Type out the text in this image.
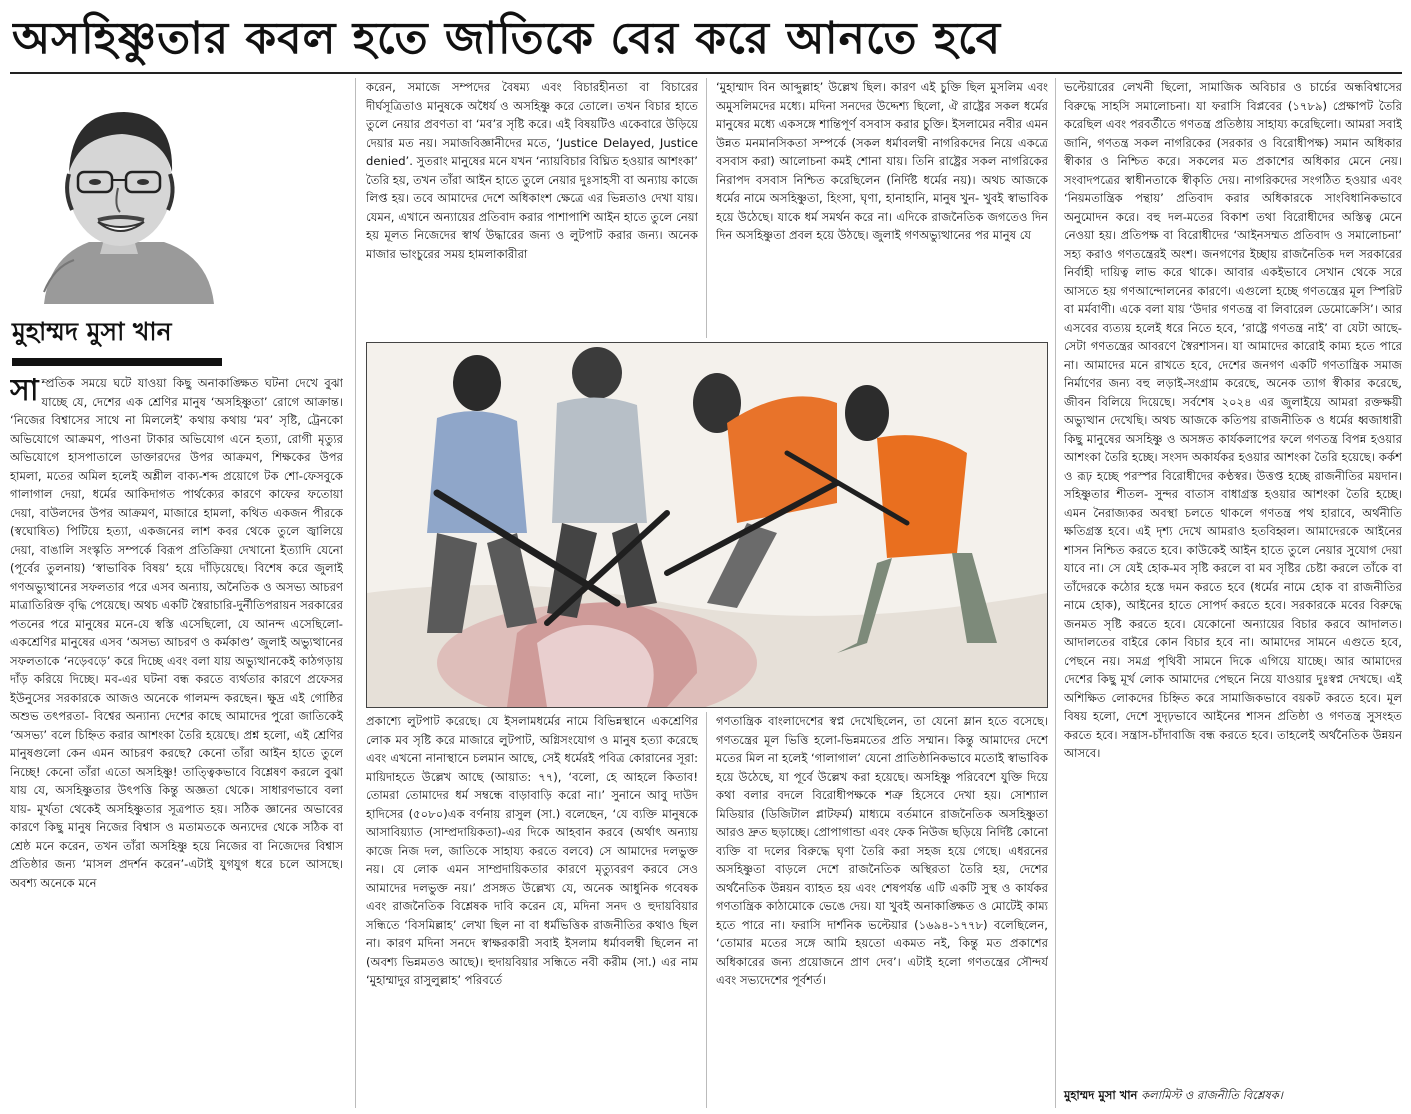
অসহিষ্ণুতার কবল হতে জাতিকে বের করে আনতে হবে
মুহাম্মদ মুসা খান
সাম্প্রতিক সময়ে ঘটে যাওয়া কিছু অনাকাঙ্ক্ষিত ঘটনা দেখে বুঝা যাচ্ছে যে, দেশের এক শ্রেণির মানুষ ‘অসহিষ্ণুতা’ রোগে আক্রান্ত। ‘নিজের বিশ্বাসের সাথে না মিললেই’ কথায় কথায় ‘মব’ সৃষ্টি, ট্রেনকো অভিযোগে আক্রমণ, পাওনা টাকার অভিযোগ এনে হত্যা, রোগী মৃত্যুর অভিযোগে হাসপাতালে ডাক্তারদের উপর আক্রমণ, শিক্ষকের উপর হামলা, মতের অমিল হলেই অশ্লীল বাক্য-শব্দ প্রয়োগে টক শো-ফেসবুকে গালাগাল দেয়া, ধর্মের আকিদাগত পার্থক্যের কারণে কাফের ফতোয়া দেয়া, বাউলদের উপর আক্রমণ, মাজারে হামলা, কথিত একজন পীরকে (স্বঘোষিত) পিটিয়ে হত্যা, একজনের লাশ কবর থেকে তুলে জ্বালিয়ে দেয়া, বাঙালি সংস্কৃতি সম্পর্কে বিরূপ প্রতিক্রিয়া দেখানো ইত্যাদি যেনো (পূর্বের তুলনায়) ‘স্বাভাবিক বিষয়’ হয়ে দাঁড়িয়েছে। বিশেষ করে জুলাই গণঅভ্যুত্থানের সফলতার পরে এসব অন্যায়, অনৈতিক ও অসভ্য আচরণ মাত্রাতিরিক্ত বৃদ্ধি পেয়েছে। অথচ একটি স্বৈরাচারি-দুর্নীতিপরায়ন সরকারের পতনের পরে মানুষের মনে-যে স্বস্তি এসেছিলো, যে আনন্দ এসেছিলো- একশ্রেণির মানুষের এসব ‘অসভ্য আচরণ ও কর্মকাণ্ড’ জুলাই অভ্যুত্থানের সফলতাকে ‘নড়েবড়ে’ করে দিচ্ছে এবং বলা যায় অভ্যুত্থানকেই কাঠগড়ায় দাঁড় করিয়ে দিচ্ছে। মব-এর ঘটনা বন্ধ করতে ব্যর্থতার কারণে প্রফেসর ইউনুসের সরকারকে আজও অনেকে গালমন্দ করছেন। ক্ষুদ্র এই গোষ্ঠির অশুভ তৎপরতা- বিশ্বের অন্যান্য দেশের কাছে আমাদের পুরো জাতিকেই ‘অসভ্য’ বলে চিহ্নিত করার আশংকা তৈরি হয়েছে। প্রশ্ন হলো, এই শ্রেণির মানুষগুলো কেন এমন আচরণ করছে? কেনো তাঁরা আইন হাতে তুলে নিচ্ছে! কেনো তাঁরা এতো অসহিষ্ণু! তাত্ত্বিকভাবে বিশ্লেষণ করলে বুঝা যায় যে, অসহিষ্ণুতার উৎপত্তি কিন্তু অজ্ঞতা থেকে। সাধারণভাবে বলা যায়- মূর্খতা থেকেই অসহিষ্ণুতার সূত্রপাত হয়। সঠিক জ্ঞানের অভাবের কারণে কিছু মানুষ নিজের বিশ্বাস ও মতামতকে অন্যদের থেকে সঠিক বা শ্রেষ্ঠ মনে করেন, তখন তাঁরা অসহিষ্ণু হয়ে নিজের বা নিজেদের বিশ্বাস প্রতিষ্ঠার জন্য ‘মাসল প্রদর্শন করেন’-এটাই যুগযুগ ধরে চলে আসছে। অবশ্য অনেকে মনে

করেন, সমাজে সম্পদের বৈষম্য এবং বিচারহীনতা বা বিচারের দীর্ঘসূত্রিতাও মানুষকে অধৈর্য ও অসহিষ্ণু করে তোলে। তখন বিচার হাতে তুলে নেয়ার প্রবণতা বা ‘মব’র সৃষ্টি করে। এই বিষয়টিও একেবারে উড়িয়ে দেয়ার মত নয়। সমাজবিজ্ঞানীদের মতে, ‘Justice Delayed, Justice denied’. সুতরাং মানুষের মনে যখন ‘ন্যায়বিচার বিঘ্নিত হওয়ার আশংকা’ তৈরি হয়, তখন তাঁরা আইন হাতে তুলে নেয়ার দুঃসাহসী বা অন্যায় কাজে লিপ্ত হয়। তবে আমাদের দেশে অধিকাংশ ক্ষেত্রে এর ভিন্নতাও দেখা যায়। যেমন, এখানে অন্যায়ের প্রতিবাদ করার পাশাপাশি আইন হাতে তুলে নেয়া হয় মূলত নিজেদের স্বার্থ উদ্ধারের জন্য ও লুটপাট করার জন্য। অনেক মাজার ভাংচুরের সময় হামলাকারীরা

‘মুহাম্মাদ বিন আব্দুল্লাহ’ উল্লেখ ছিল। কারণ এই চুক্তি ছিল মুসলিম এবং অমুসলিমদের মধ্যে। মদিনা সনদের উদ্দেশ্য ছিলো, ঐ রাষ্ট্রের সকল ধর্মের মানুষের মধ্যে একসঙ্গে শান্তিপূর্ণ বসবাস করার চুক্তি। ইসলামের নবীর এমন উন্নত মনমানসিকতা সম্পর্কে (সকল ধর্মাবলম্বী নাগরিকদের নিয়ে একত্রে বসবাস করা) আলোচনা কমই শোনা যায়। তিনি রাষ্ট্রের সকল নাগরিকের নিরাপদ বসবাস নিশ্চিত করেছিলেন (নির্দিষ্ট ধর্মের নয়)। অথচ আজকে ধর্মের নামে অসহিষ্ণুতা, হিংসা, ঘৃণা, হানাহানি, মানুষ খুন- খুবই স্বাভাবিক হয়ে উঠেছে। যাকে ধর্ম সমর্থন করে না। এদিকে রাজনৈতিক জগতেও দিন দিন অসহিষ্ণুতা প্রবল হয়ে উঠছে। জুলাই গণঅভ্যুত্থানের পর মানুষ যে

প্রকাশ্যে লুটপাট করেছে। যে ইসলামধর্মের নামে বিভিন্নস্থানে একশ্রেণির লোক মব সৃষ্টি করে মাজারে লুটপাট, অগ্নিসংযোগ ও মানুষ হত্যা করেছে এবং এখনো নানাস্থানে চলমান আছে, সেই ধর্মেরই পবিত্র কোরানের সূরা: মায়িদাহতে উল্লেখ আছে (আয়াত: ৭৭), ‘বলো, হে আহলে কিতাব! তোমরা তোমাদের ধর্ম সম্বন্ধে বাড়াবাড়ি করো না।’ সুনানে আবু দাউদ হাদিসের (৫০৮০)এক বর্ণনায় রাসুল (সা.) বলেছেন, ‘যে ব্যক্তি মানুষকে আসাবিয়্যাত (সাম্প্রদায়িকতা)-এর দিকে আহবান করবে (অর্থাৎ অন্যায় কাজে নিজ দল, জাতিকে সাহায্য করতে বলবে) সে আমাদের দলভুক্ত নয়। যে লোক এমন সাম্প্রদায়িকতার কারণে মৃত্যুবরণ করবে সেও আমাদের দলভুক্ত নয়।’ প্রসঙ্গত উল্লেখ্য যে, অনেক আধুনিক গবেষক এবং রাজনৈতিক বিশ্লেষক দাবি করেন যে, মদিনা সনদ ও হুদায়বিয়ার সন্ধিতে ‘বিসমিল্লাহ’ লেখা ছিল না বা ধর্মভিত্তিক রাজনীতির কথাও ছিল না। কারণ মদিনা সনদে স্বাক্ষরকারী সবাই ইসলাম ধর্মাবলম্বী ছিলেন না (অবশ্য ভিন্নমতও আছে)। হুদায়বিয়ার সন্ধিতে নবী করীম (সা.) এর নাম ‘মুহাম্মাদুর রাসুলুল্লাহ’ পরিবর্তে

গণতান্ত্রিক বাংলাদেশের স্বপ্ন দেখেছিলেন, তা যেনো ম্লান হতে বসেছে। গণতন্ত্রের মূল ভিত্তি হলো-ভিন্নমতের প্রতি সম্মান। কিন্তু আমাদের দেশে মতের মিল না হলেই ‘গালাগাল’ যেনো প্রাতিষ্ঠানিকভাবে মতোই স্বাভাবিক হয়ে উঠেছে, যা পূর্বে উল্লেখ করা হয়েছে। অসহিষ্ণু পরিবেশে যুক্তি দিয়ে কথা বলার বদলে বিরোধীপক্ষকে শত্রু হিসেবে দেখা হয়। সোশ্যাল মিডিয়ার (ডিজিটাল প্লাটফর্ম) মাধ্যমে বর্তমানে রাজনৈতিক অসহিষ্ণুতা আরও দ্রুত ছড়াচ্ছে। প্রোপাগান্ডা এবং ফেক নিউজ ছড়িয়ে নির্দিষ্ট কোনো ব্যক্তি বা দলের বিরুদ্ধে ঘৃণা তৈরি করা সহজ হয়ে গেছে। এধরনের অসহিষ্ণুতা বাড়লে দেশে রাজনৈতিক অস্থিরতা তৈরি হয়, দেশের অর্থনৈতিক উন্নয়ন ব্যাহত হয় এবং শেষপর্যন্ত এটি একটি সুস্থ ও কার্যকর গণতান্ত্রিক কাঠামোকে ভেঙে দেয়। যা খুবই অনাকাঙ্ক্ষিত ও মোটেই কাম্য হতে পারে না। ফরাসি দার্শনিক ভল্টেয়ার (১৬৯৪-১৭৭৮) বলেছিলেন, ‘তোমার মতের সঙ্গে আমি হয়তো একমত নই, কিন্তু মত প্রকাশের অধিকারের জন্য প্রয়োজনে প্রাণ দেব’। এটাই হলো গণতন্ত্রের সৌন্দর্য এবং সভ্যদেশের পূর্বশর্ত।

ভল্টেয়ারের লেখনী ছিলো, সামাজিক অবিচার ও চার্চের অন্ধবিশ্বাসের বিরুদ্ধে সাহসি সমালোচনা। যা ফরাসি বিপ্লবের (১৭৮৯) প্রেক্ষাপট তৈরি করেছিল এবং পরবর্তীতে গণতন্ত্র প্রতিষ্ঠায় সাহায্য করেছিলো। আমরা সবাই জানি, গণতন্ত্র সকল নাগরিকের (সরকার ও বিরোধীপক্ষ) সমান অধিকার স্বীকার ও নিশ্চিত করে। সকলের মত প্রকাশের অধিকার মেনে নেয়। সংবাদপত্রের স্বাধীনতাকে স্বীকৃতি দেয়। নাগরিকদের সংগঠিত হওয়ার এবং ‘নিয়মতান্ত্রিক পন্থায়’ প্রতিবাদ করার অধিকারকে সাংবিধানিকভাবে অনুমোদন করে। বহু দল-মতের বিকাশ তথা বিরোধীদের অস্তিত্ব মেনে নেওয়া হয়। প্রতিপক্ষ বা বিরোধীদের ‘আইনসম্মত প্রতিবাদ ও সমালোচনা’ সহ্য করাও গণতন্ত্রেরই অংশ। জনগণের ইচ্ছায় রাজনৈতিক দল সরকারের নির্বাহী দায়িত্ব লাভ করে থাকে। আবার একইভাবে সেখান থেকে সরে আসতে হয় গণআন্দোলনের কারণে। এগুলো হচ্ছে গণতন্ত্রের মূল স্পিরিট বা মর্মবাণী। একে বলা যায় ‘উদার গণতন্ত্র বা লিবারেল ডেমোক্রেসি’। আর এসবের ব্যত্যয় হলেই ধরে নিতে হবে, ‘রাষ্ট্রে গণতন্ত্র নাই’ বা যেটা আছে- সেটা গণতন্ত্রের আবরণে স্বৈরশাসন। যা আমাদের কারোই কাম্য হতে পারে না। আমাদের মনে রাখতে হবে, দেশের জনগণ একটি গণতান্ত্রিক সমাজ নির্মাণের জন্য বহু লড়াই-সংগ্রাম করেছে, অনেক ত্যাগ স্বীকার করেছে, জীবন বিলিয়ে দিয়েছে। সর্বশেষ ২০২৪ এর জুলাইয়ে আমরা রক্তক্ষয়ী অভ্যুত্থান দেখেছি। অথচ আজকে কতিপয় রাজনীতিক ও ধর্মের ধ্বজাধারী কিছু মানুষের অসহিষ্ণু ও অসঙ্গত কার্যকলাপের ফলে গণতন্ত্র বিপন্ন হওয়ার আশংকা তৈরি হচ্ছে। সংসদ অকার্যকর হওয়ার আশংকা তৈরি হয়েছে। কর্কশ ও রূঢ় হচ্ছে পরস্পর বিরোধীদের কণ্ঠস্বর। উত্তপ্ত হচ্ছে রাজনীতির ময়দান। সহিষ্ণুতার শীতল- সুন্দর বাতাস বাধাগ্রস্ত হওয়ার আশংকা তৈরি হচ্ছে। এমন নৈরাজ্যকর অবস্থা চলতে থাকলে গণতন্ত্র পথ হারাবে, অর্থনীতি ক্ষতিগ্রস্ত হবে। এই দৃশ্য দেখে আমরাও হতবিহ্বল। আমাদেরকে আইনের শাসন নিশ্চিত করতে হবে। কাউকেই আইন হাতে তুলে নেয়ার সুযোগ দেয়া যাবে না। সে যেই হোক-মব সৃষ্টি করলে বা মব সৃষ্টির চেষ্টা করলে তাঁকে বা তাঁদেরকে কঠোর হস্তে দমন করতে হবে (ধর্মের নামে হোক বা রাজনীতির নামে হোক), আইনের হাতে সোপর্দ করতে হবে। সরকারকে মবের বিরুদ্ধে জনমত সৃষ্টি করতে হবে। যেকোনো অন্যায়ের বিচার করবে আদালত। আদালতের বাইরে কোন বিচার হবে না। আমাদের সামনে এগুতে হবে, পেছনে নয়। সমগ্র পৃথিবী সামনে দিকে এগিয়ে যাচ্ছে। আর আমাদের দেশের কিছু মূর্খ লোক আমাদের পেছনে নিয়ে যাওয়ার দুঃস্বপ্ন দেখছে। এই অশিক্ষিত লোকদের চিহ্নিত করে সামাজিকভাবে বয়কট করতে হবে। মূল বিষয় হলো, দেশে সুদৃঢ়ভাবে আইনের শাসন প্রতিষ্ঠা ও গণতন্ত্র সুসংহত করতে হবে। সন্ত্রাস-চাঁদাবাজি বন্ধ করতে হবে। তাহলেই অর্থনৈতিক উন্নয়ন আসবে।

মুহাম্মদ মুসা খান কলামিস্ট ও রাজনীতি বিশ্লেষক।
